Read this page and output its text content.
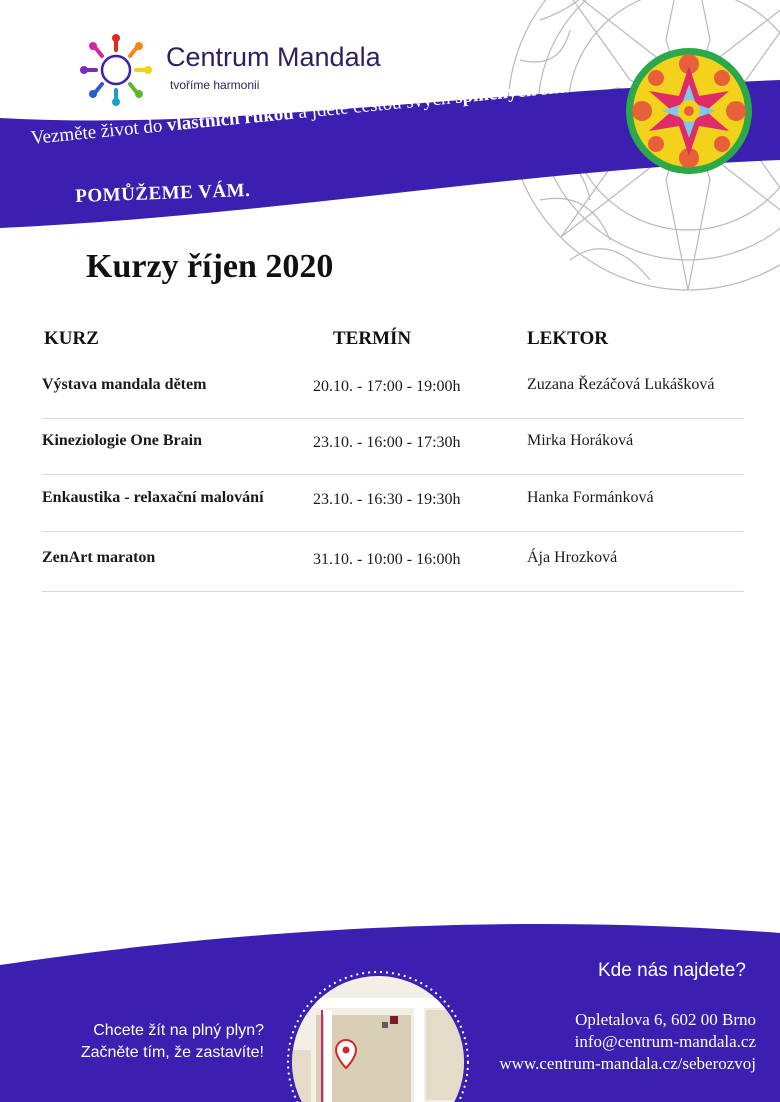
Centrum Mandala
tvoříme harmonii
Vezměte život do vlastních rukou a jděte cestou svých splněných snů.
POMŮŽEME VÁM.
Kurzy říjen 2020
KURZ	TERMÍN	LEKTOR
Výstava mandala dětem	20.10. - 17:00 - 19:00h	Zuzana Řezáčová Lukášková
Kineziologie One Brain	23.10. - 16:00 - 17:30h	Mirka Horáková
Enkaustika - relaxační malování	23.10. - 16:30 - 19:30h	Hanka Formánková
ZenArt maraton	31.10. - 10:00 - 16:00h	Ája Hrozková
Kde nás najdete?
Opletalova 6, 602 00 Brno
info@centrum-mandala.cz
www.centrum-mandala.cz/seberozvoj
Chcete žít na plný plyn?
Začněte tím, že zastavíte!
